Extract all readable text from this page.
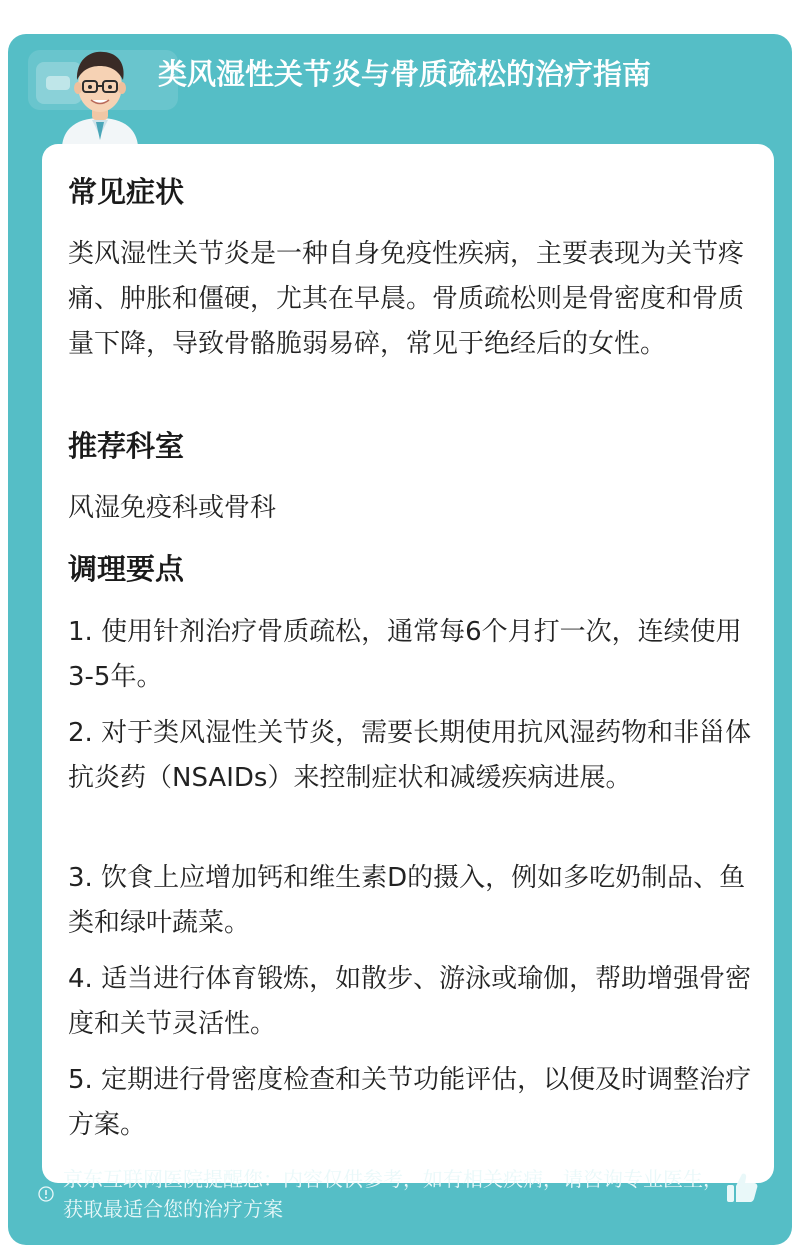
类风湿性关节炎与骨质疏松的治疗指南
常见症状

类风湿性关节炎是一种自身免疫性疾病，主要表现为关节疼痛、肿胀和僵硬，尤其在早晨。骨质疏松则是骨密度和骨质量下降，导致骨骼脆弱易碎，常见于绝经后的女性。

推荐科室

风湿免疫科或骨科

调理要点

1. 使用针剂治疗骨质疏松，通常每6个月打一次，连续使用3-5年。

2. 对于类风湿性关节炎，需要长期使用抗风湿药物和非甾体抗炎药（NSAIDs）来控制症状和减缓疾病进展。

3. 饮食上应增加钙和维生素D的摄入，例如多吃奶制品、鱼类和绿叶蔬菜。

4. 适当进行体育锻炼，如散步、游泳或瑜伽，帮助增强骨密度和关节灵活性。

5. 定期进行骨密度检查和关节功能评估，以便及时调整治疗方案。

京东互联网医院提醒您：内容仅供参考，如有相关疾病，请咨询专业医生，获取最适合您的治疗方案
